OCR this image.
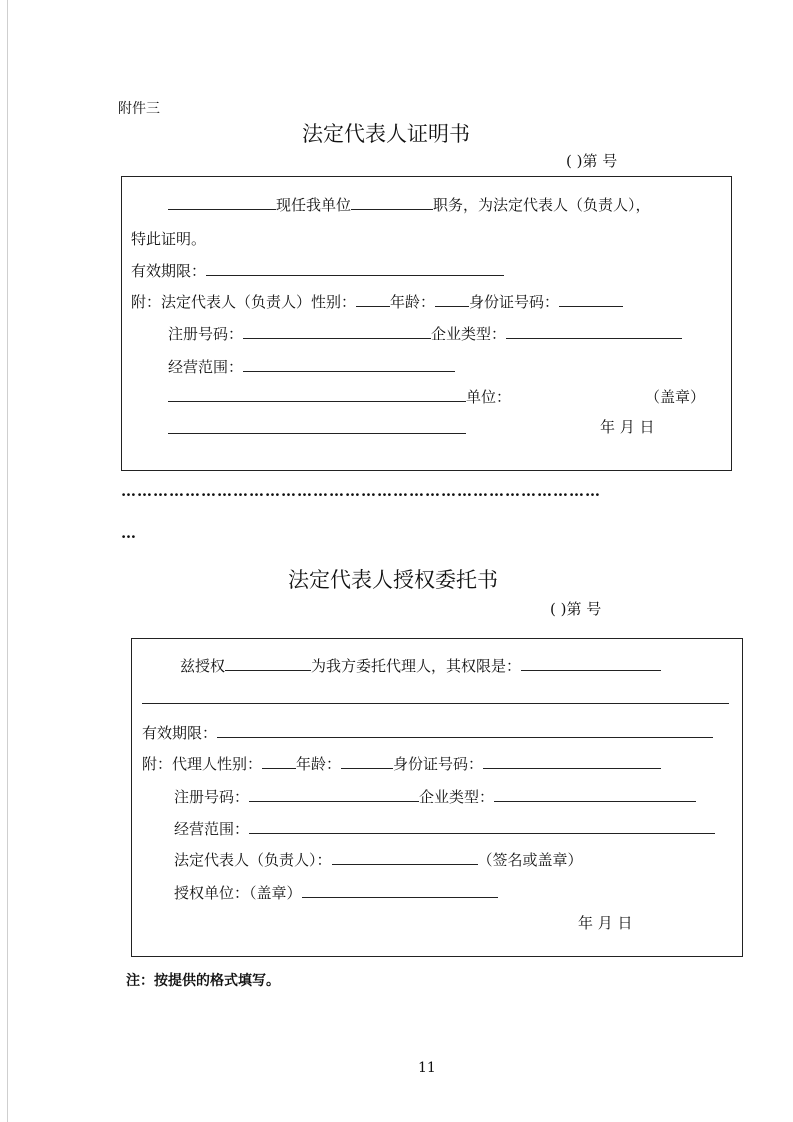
附件三
法定代表人证明书
( )第 号
现任我单位	职务，为法定代表人（负责人），
特此证明。
有效期限：
附：法定代表人（负责人）性别： 年龄： 身份证号码：
注册号码：	企业类型：
经营范围：
单位：	（盖章）
年 月 日
………………………………………………………………………………
…
法定代表人授权委托书
( )第 号
兹授权	为我方委托代理人，其权限是：
有效期限：
附：代理人性别： 年龄：	身份证号码：
注册号码：	企业类型：
经营范围：
法定代表人（负责人）：	（签名或盖章）
授权单位：（盖章）
年 月 日
注：按提供的格式填写。
11
